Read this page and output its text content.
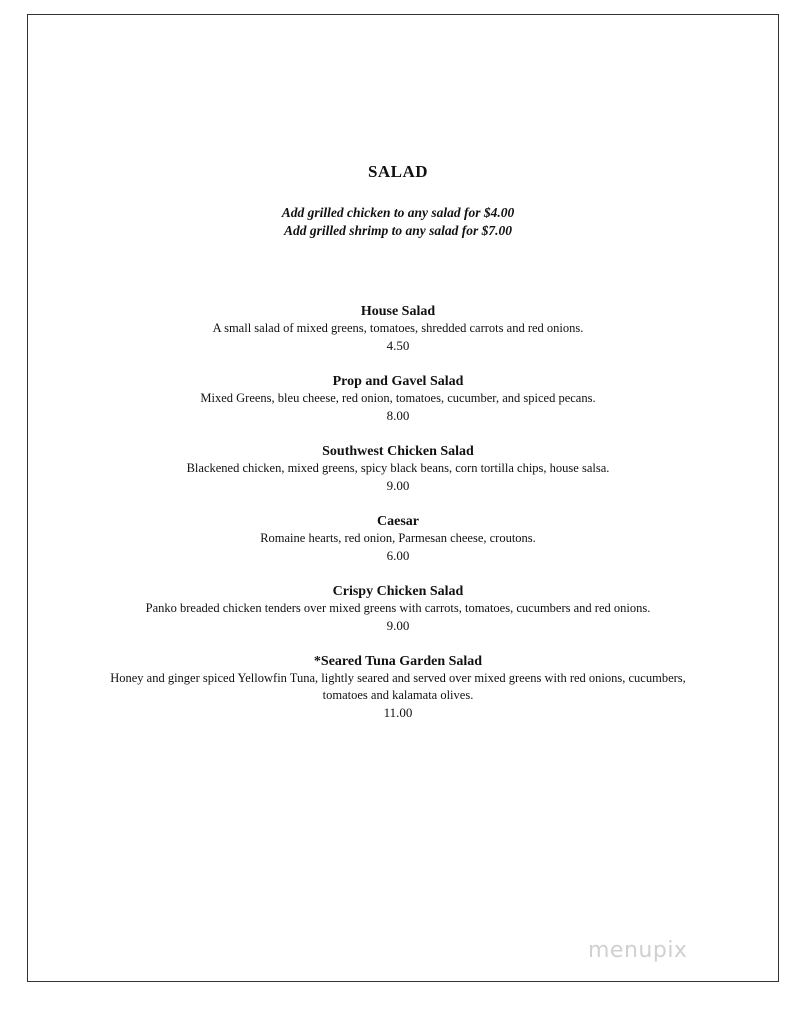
SALAD
Add grilled chicken to any salad for $4.00
Add grilled shrimp to any salad for $7.00
House Salad
A small salad of mixed greens, tomatoes, shredded carrots and red onions.
4.50
Prop and Gavel Salad
Mixed Greens, bleu cheese, red onion, tomatoes, cucumber, and spiced pecans.
8.00
Southwest Chicken Salad
Blackened chicken, mixed greens, spicy black beans, corn tortilla chips, house salsa.
9.00
Caesar
Romaine hearts, red onion, Parmesan cheese, croutons.
6.00
Crispy Chicken Salad
Panko breaded chicken tenders over mixed greens with carrots, tomatoes, cucumbers and red onions.
9.00
*Seared Tuna Garden Salad
Honey and ginger spiced Yellowfin Tuna, lightly seared and served over mixed greens with red onions, cucumbers, tomatoes and kalamata olives.
11.00
menupix
